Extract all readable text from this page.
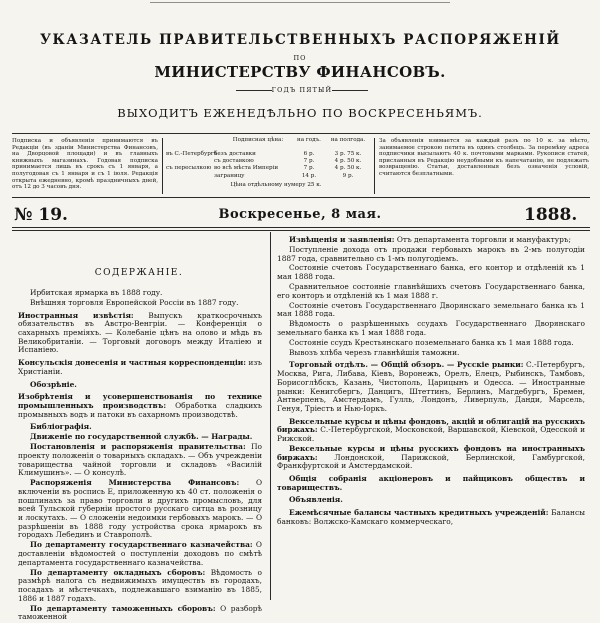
УКАЗАТЕЛЬ ПРАВИТЕЛЬСТВЕННЫХЪ РАСПОРЯЖЕНІЙ
ПО
МИНИСТЕРСТВУ ФИНАНСОВЪ.
ГОДЪ ПЯТЫЙ
ВЫХОДИТЪ ЕЖЕНЕДѢЛЬНО ПО ВОСКРЕСЕНЬЯМЪ.
Подписка и объявленія принимаются въ Редакціи (въ зданіи Министерства Финансовъ, на Дворцовой площади) и въ главныхъ книжныхъ магазинахъ. Годовая подписка принимается лишь въ срокъ съ 1 января, а полугодовая съ 1 января и съ 1 іюля. Редакція открыта ежедневно, кромѣ праздничныхъ дней, отъ 12 до 3 часовъ дня.
Подписная цѣна:	на годъ.	на полгода.
въ С.-Петербургѣ
безъ доставки	6 р.	3 р. 75 к.
съ доставкою	7 р.	4 р. 50 к.
съ пересылкою во всѣ мѣста Имперіи	7 р.	4 р. 50 к.
заграницу	14 р.	9 р.
Цѣна отдѣльному нумеру 25 к.
За объявленія взимается за каждый разъ по 10 к. за мѣсто, занимаемое строкою петита въ одинъ столбецъ. За перемѣну адреса подписчики высылаютъ 40 к. почтовыми марками. Рукописи статей, присланныя въ Редакцію неудобными къ напечатанію, не подлежатъ возвращенію. Статьи, доставленныя безъ означенія условій, считаются безплатными.
№ 19.	Воскресенье, 8 мая.	1888.
СОДЕРЖАНІЕ.

Ирбитская ярмарка въ 1888 году.

Внѣшняя торговля Европейской Россіи въ 1887 году.

Иностранныя извѣстія: Выпускъ краткосрочныхъ обязательствъ въ Австро-Венгріи. — Конференція о сахарныхъ преміяхъ. — Колебаніе цѣнъ на олово и мѣдь въ Великобританіи. — Торговый договоръ между Италіею и Испаніею.

Консульскія донесенія и частныя корреспонденціи: изъ Христіаніи.

Обозрѣніе.

Изобрѣтенія и усовершенствованія по технике промышленныхъ производствъ: Обработка сладкихъ промывныхъ водъ и патоки въ сахарномъ производствѣ.

Библіографія.

Движеніе по государственной службѣ. — Награды.

Постановленія и распоряженія правительства: По проекту положенія о товарныхъ складахъ. — Объ учрежденіи товарищества чайной торговли и складовъ «Василій Климушинъ». — О консулѣ.

Распоряженія Министерства Финансовъ: О включеніи въ роспись Е, приложенную къ 40 ст. положенія о пошлинахъ за право торговли и другихъ промысловъ, для всей Тульской губерніи простого русскаго ситца въ розницу и лоскутахъ. — О сложеніи недоимки гербовыхъ марокъ. — О разрѣшеніи въ 1888 году устройства срока ярмарокъ въ городахъ Лебединъ и Ставрополѣ.

По департаменту государственнаго казначейства: О доставленіи вѣдомостей о поступленіи доходовъ по смѣтѣ департамента государственнаго казначейства.

По департаменту окладныхъ сборовъ: Вѣдомость о размѣрѣ налога съ недвижимыхъ имуществъ въ городахъ, посадахъ и мѣстечкахъ, подлежавшаго взиманію въ 1885, 1886 и 1887 годахъ.

По департаменту таможенныхъ сборовъ: О разборѣ таможенной

Извѣщенія и заявленія: Отъ департамента торговли и мануфактуръ;

Поступленіе дохода отъ продажи гербовыхъ марокъ въ 2-мъ полугодіи 1887 года, сравнительно съ 1-мъ полугодіемъ.

Состояніе счетовъ Государственнаго банка, его контор и отдѣленій къ 1 мая 1888 года.

Сравнительное состояніе главнѣйшихъ счетовъ Государственнаго банка, его конторъ и отдѣленій къ 1 мая 1888 г.

Состояніе счетовъ Государственнаго Дворянскаго земельнаго банка къ 1 мая 1888 года.

Вѣдомость о разрѣшенныхъ ссудахъ Государственнаго Дворянскаго земельнаго банка къ 1 мая 1888 года.

Состояніе ссудъ Крестьянскаго поземельнаго банка къ 1 мая 1888 года.

Вывозъ хлѣба черезъ главнѣйшія таможни.

Торговый отдѣлъ. — Общій обзоръ. — Русскіе рынки: С.-Петербургъ, Москва, Рига, Либава, Кіевъ, Воронежъ, Орелъ, Елецъ, Рыбинскъ, Тамбовъ, Борисоглѣбскъ, Казань, Чистополь, Царицынъ и Одесса. — Иностранные рынки: Кенигсбергъ, Данцигъ, Штеттинъ, Берлинъ, Магдебургъ, Бремен, Антверпенъ, Амстердамъ, Гулль, Лондонъ, Ливерпуль, Данди, Марсель, Генуя, Тріестъ и Нью-Іоркъ.

Вексельные курсы и цѣны фондовъ, акцій и облигацій на русскихъ биржахъ: С.-Петербургской, Московской, Варшавской, Кіевской, Одесской и Рижской.

Вексельные курсы и цѣны русскихъ фондовъ на иностранныхъ биржахъ: Лондонской, Парижской, Берлинской, Гамбургской, Франкфуртской и Амстердамской.

Общія собранія акціонеровъ и пайщиковъ обществъ и товариществъ.

Объявленія.

Ежемѣсячные балансы частныхъ кредитныхъ учрежденій: Балансы банковъ: Волжско-Камскаго коммерческаго,
